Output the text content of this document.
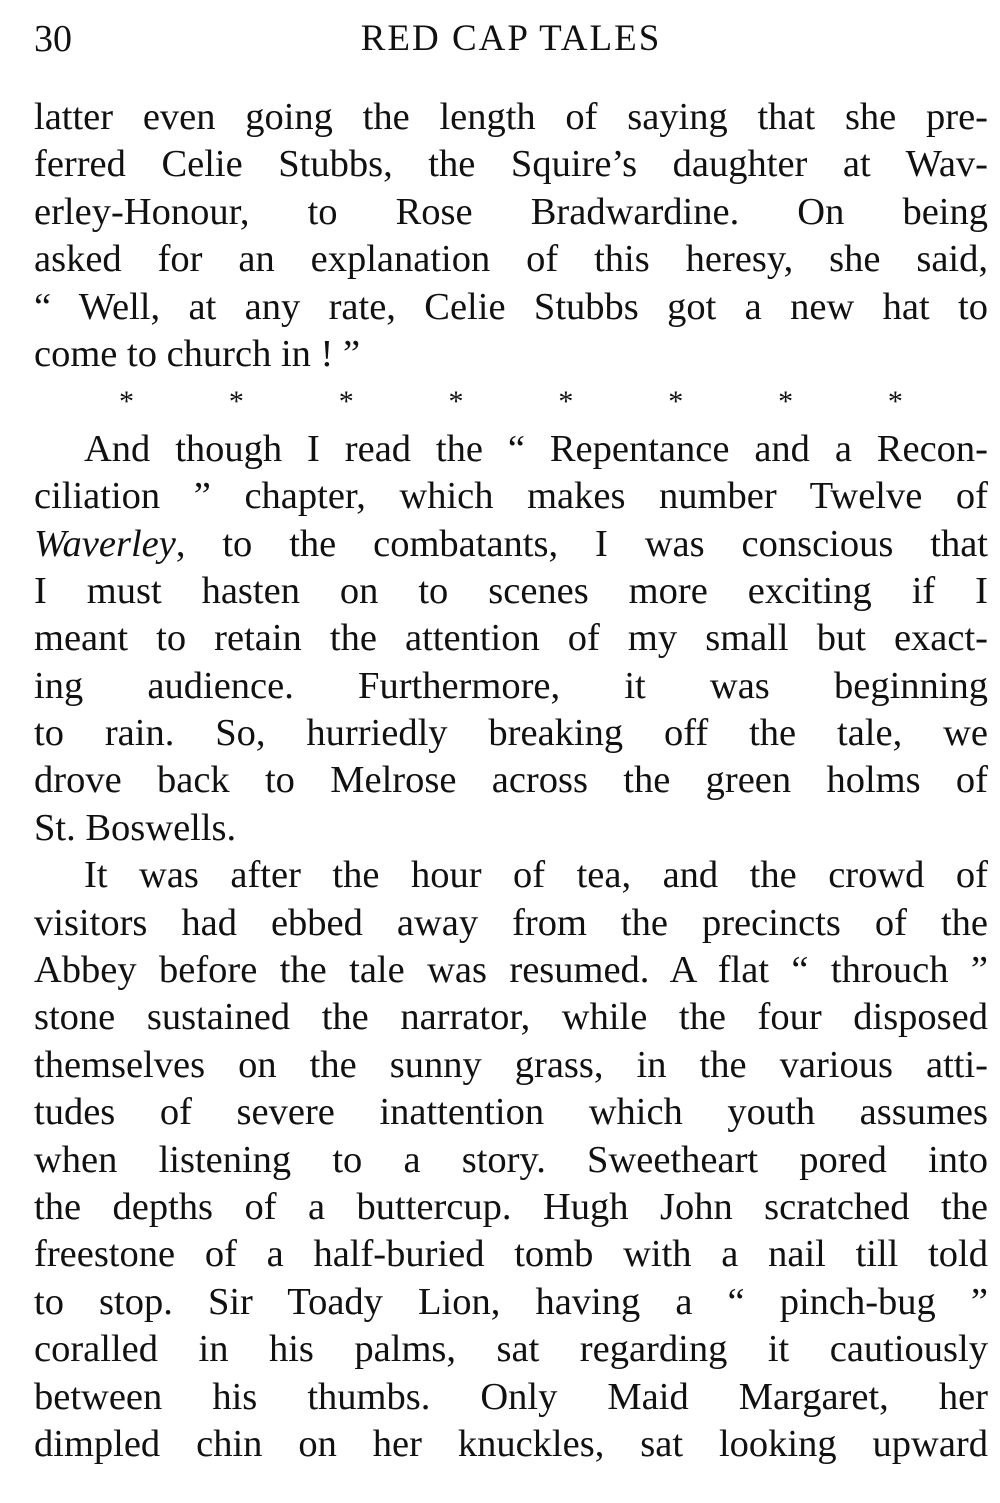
30	RED CAP TALES
latter even going the length of saying that she pre-
ferred Celie Stubbs, the Squire’s daughter at Wav-
erley-Honour, to Rose Bradwardine. On being
asked for an explanation of this heresy, she said,
“ Well, at any rate, Celie Stubbs got a new hat to
come to church in ! ”
*	*	*	*	*	*	*	*
And though I read the “ Repentance and a Recon-
ciliation ” chapter, which makes number Twelve of
Waverley, to the combatants, I was conscious that
I must hasten on to scenes more exciting if I
meant to retain the attention of my small but exact-
ing audience. Furthermore, it was beginning
to rain. So, hurriedly breaking off the tale, we
drove back to Melrose across the green holms of
St. Boswells.
It was after the hour of tea, and the crowd of
visitors had ebbed away from the precincts of the
Abbey before the tale was resumed. A flat “ throuch ”
stone sustained the narrator, while the four disposed
themselves on the sunny grass, in the various atti-
tudes of severe inattention which youth assumes
when listening to a story. Sweetheart pored into
the depths of a buttercup. Hugh John scratched the
freestone of a half-buried tomb with a nail till told
to stop. Sir Toady Lion, having a “ pinch-bug ”
coralled in his palms, sat regarding it cautiously
between his thumbs. Only Maid Margaret, her
dimpled chin on her knuckles, sat looking upward
